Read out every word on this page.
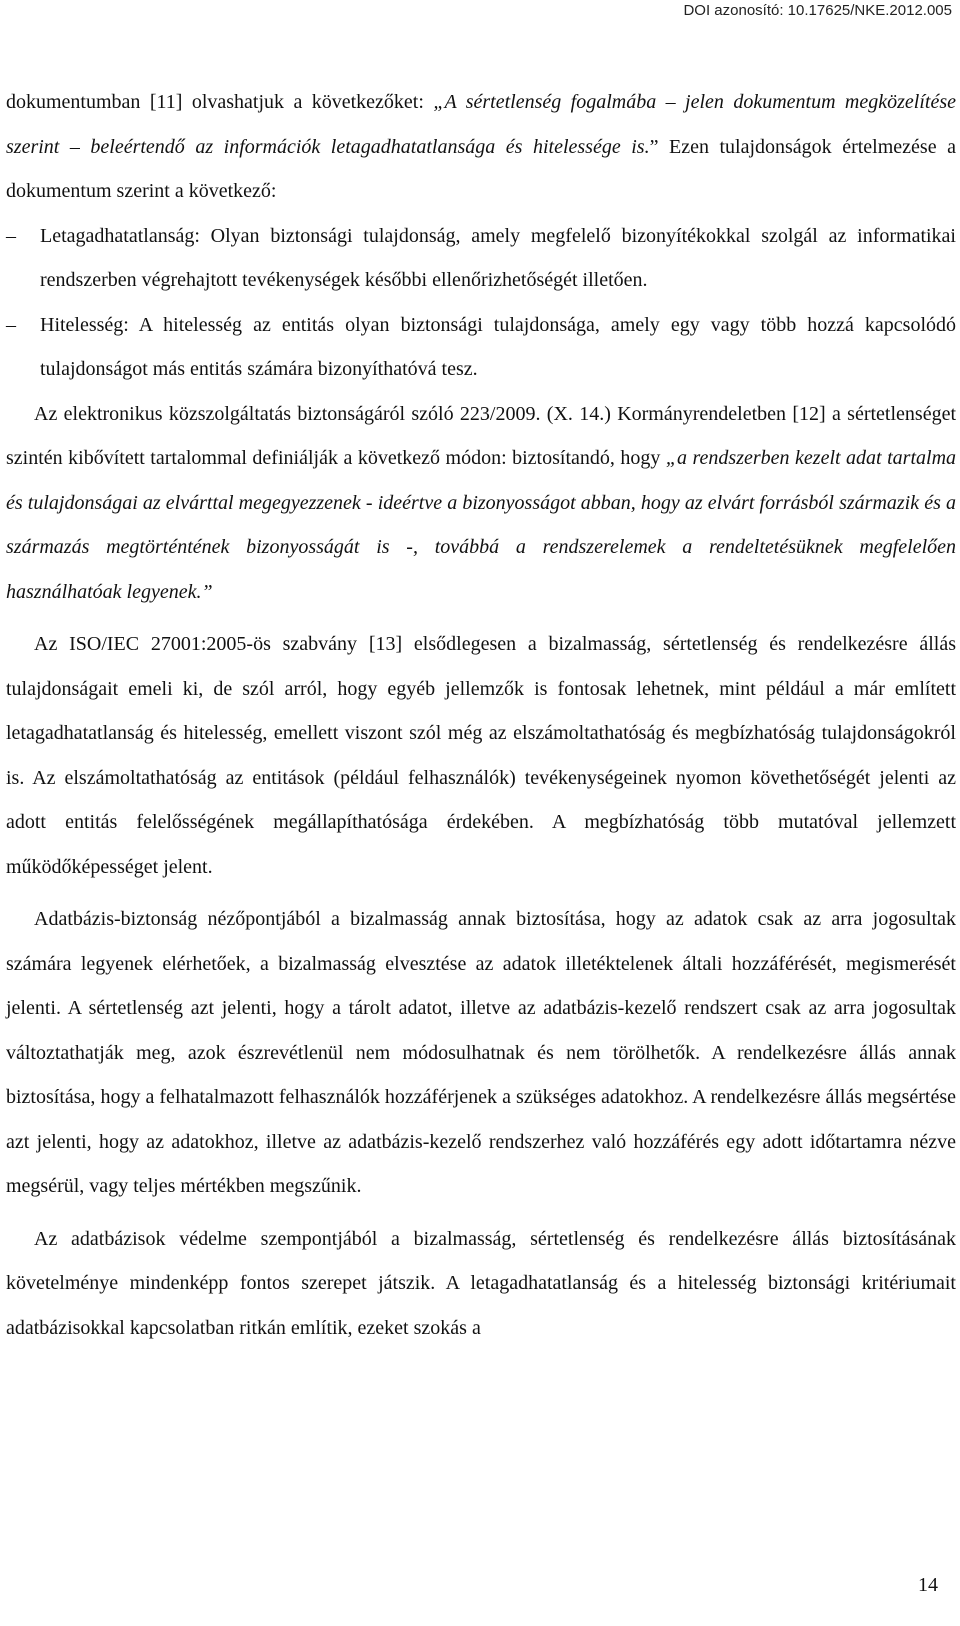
DOI azonosító: 10.17625/NKE.2012.005

dokumentumban [11] olvashatjuk a következőket: „A sértetlenség fogalmába – jelen dokumentum megközelítése szerint – beleértendő az információk letagadhatatlansága és hitelessége is.” Ezen tulajdonságok értelmezése a dokumentum szerint a következő:

–	Letagadhatatlanság: Olyan biztonsági tulajdonság, amely megfelelő bizonyítékokkal szolgál az informatikai rendszerben végrehajtott tevékenységek későbbi ellenőrizhetőségét illetően.
–	Hitelesség: A hitelesség az entitás olyan biztonsági tulajdonsága, amely egy vagy több hozzá kapcsolódó tulajdonságot más entitás számára bizonyíthatóvá tesz.

Az elektronikus közszolgáltatás biztonságáról szóló 223/2009. (X. 14.) Kormányrendeletben [12] a sértetlenséget szintén kibővített tartalommal definiálják a következő módon: biztosítandó, hogy „a rendszerben kezelt adat tartalma és tulajdonságai az elvárttal megegyezzenek - ideértve a bizonyosságot abban, hogy az elvárt forrásból származik és a származás megtörténtének bizonyosságát is -, továbbá a rendszerelemek a rendeltetésüknek megfelelően használhatóak legyenek.”

Az ISO/IEC 27001:2005-ös szabvány [13] elsődlegesen a bizalmasság, sértetlenség és rendelkezésre állás tulajdonságait emeli ki, de szól arról, hogy egyéb jellemzők is fontosak lehetnek, mint például a már említett letagadhatatlanság és hitelesség, emellett viszont szól még az elszámoltathatóság és megbízhatóság tulajdonságokról is. Az elszámoltathatóság az entitások (például felhasználók) tevékenységeinek nyomon követhetőségét jelenti az adott entitás felelősségének megállapíthatósága érdekében. A megbízhatóság több mutatóval jellemzett működőképességet jelent.

Adatbázis-biztonság nézőpontjából a bizalmasság annak biztosítása, hogy az adatok csak az arra jogosultak számára legyenek elérhetőek, a bizalmasság elvesztése az adatok illetéktelenek általi hozzáférését, megismerését jelenti. A sértetlenség azt jelenti, hogy a tárolt adatot, illetve az adatbázis-kezelő rendszert csak az arra jogosultak változtathatják meg, azok észrevétlenül nem módosulhatnak és nem törölhetők. A rendelkezésre állás annak biztosítása, hogy a felhatalmazott felhasználók hozzáférjenek a szükséges adatokhoz. A rendelkezésre állás megsértése azt jelenti, hogy az adatokhoz, illetve az adatbázis-kezelő rendszerhez való hozzáférés egy adott időtartamra nézve megsérül, vagy teljes mértékben megszűnik.

Az adatbázisok védelme szempontjából a bizalmasság, sértetlenség és rendelkezésre állás biztosításának követelménye mindenképp fontos szerepet játszik. A letagadhatatlanság és a hitelesség biztonsági kritériumait adatbázisokkal kapcsolatban ritkán említik, ezeket szokás a

14
